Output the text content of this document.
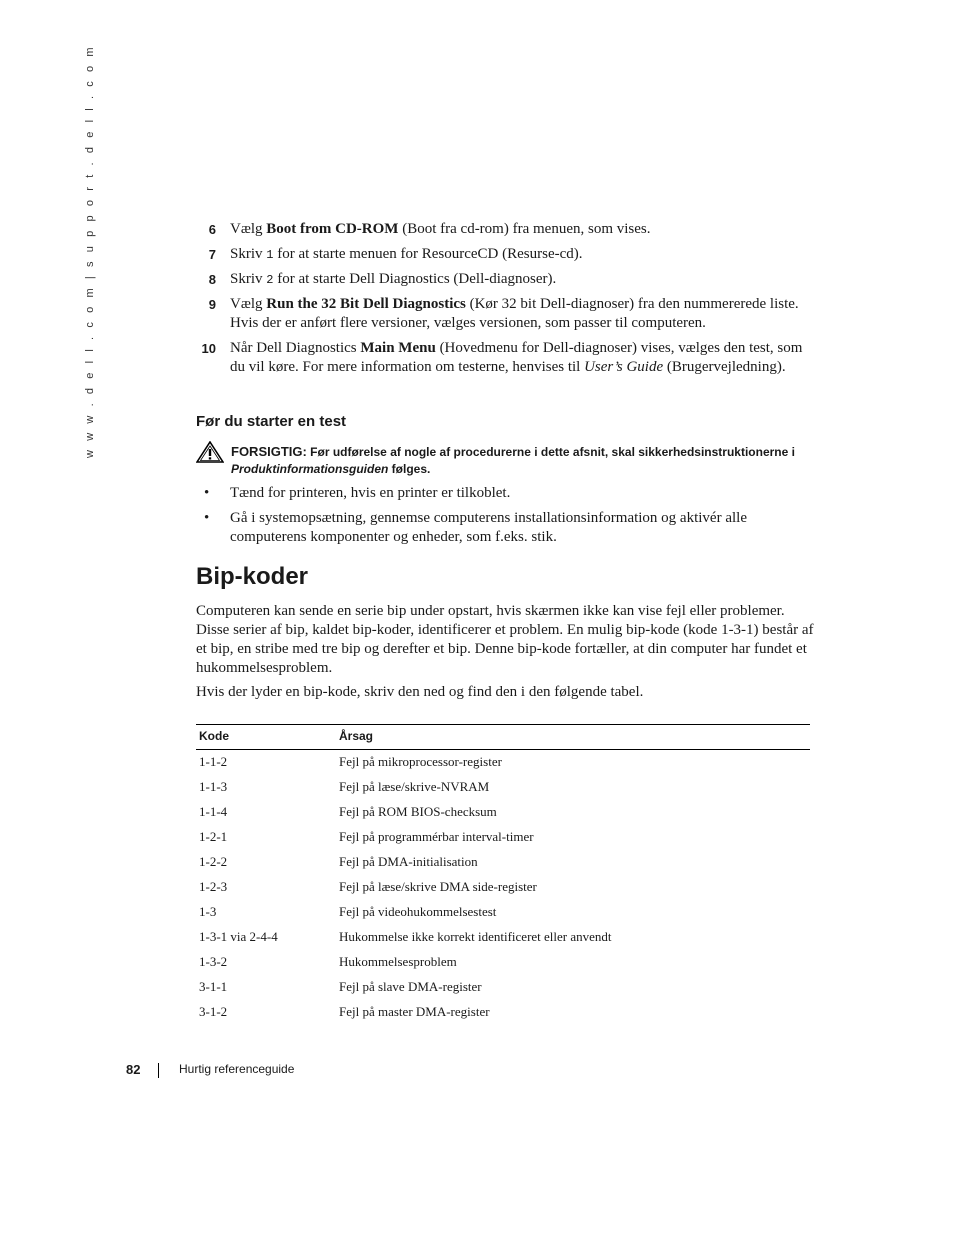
w w w . d e l l . c o m | s u p p o r t . d e l l . c o m	6 Vælg Boot from CD-ROM (Boot fra cd-rom) fra menuen, som vises.
7 Skriv 1 for at starte menuen for ResourceCD (Resurse-cd).
8 Skriv 2 for at starte Dell Diagnostics (Dell-diagnoser).
9 Vælg Run the 32 Bit Dell Diagnostics (Kør 32 bit Dell-diagnoser) fra den nummererede liste. Hvis der er anført flere versioner, vælges versionen, som passer til computeren.
10 Når Dell Diagnostics Main Menu (Hovedmenu for Dell-diagnoser) vises, vælges den test, som du vil køre. For mere information om testerne, henvises til User’s Guide (Brugervejledning).
Før du starter en test
FORSIGTIG: Før udførelse af nogle af procedurerne i dette afsnit, skal sikkerhedsinstruktionerne i Produktinformationsguiden følges.
• Tænd for printeren, hvis en printer er tilkoblet.
• Gå i systemopsætning, gennemse computerens installationsinformation og aktivér alle computerens komponenter og enheder, som f.eks. stik.
Bip-koder
Computeren kan sende en serie bip under opstart, hvis skærmen ikke kan vise fejl eller problemer. Disse serier af bip, kaldet bip-koder, identificerer et problem. En mulig bip-kode (kode 1-3-1) består af et bip, en stribe med tre bip og derefter et bip. Denne bip-kode fortæller, at din computer har fundet et hukommelsesproblem.
Hvis der lyder en bip-kode, skriv den ned og find den i den følgende tabel.
Kode	Årsag
1-1-2	Fejl på mikroprocessor-register
1-1-3	Fejl på læse/skrive-NVRAM
1-1-4	Fejl på ROM BIOS-checksum
1-2-1	Fejl på programmérbar interval-timer
1-2-2	Fejl på DMA-initialisation
1-2-3	Fejl på læse/skrive DMA side-register
1-3	Fejl på videohukommelsestest
1-3-1 via 2-4-4	Hukommelse ikke korrekt identificeret eller anvendt
1-3-2	Hukommelsesproblem
3-1-1	Fejl på slave DMA-register
3-1-2	Fejl på master DMA-register
82	Hurtig referenceguide
